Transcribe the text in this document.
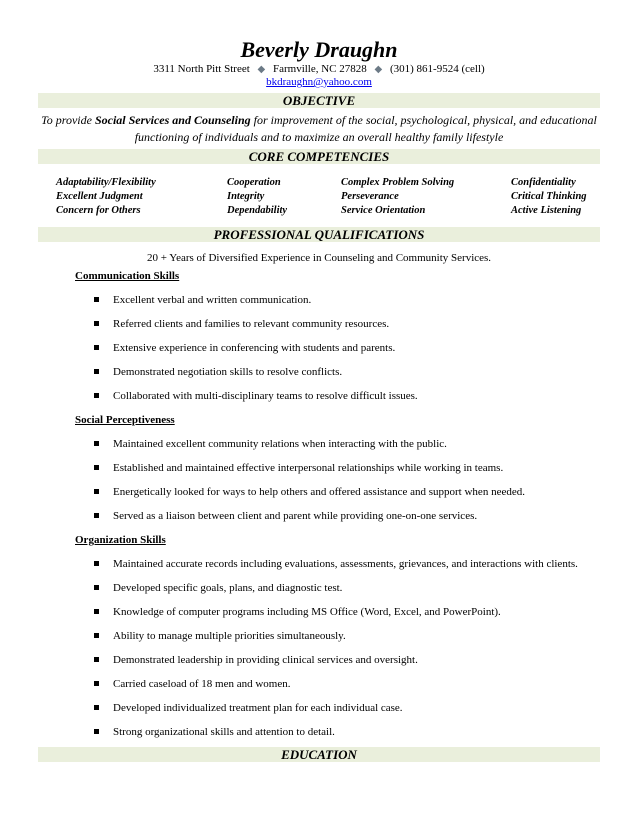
Beverly Draughn
3311 North Pitt Street ◆ Farmville, NC 27828 ◆ (301) 861-9524 (cell)
bkdraughn@yahoo.com
OBJECTIVE
To provide Social Services and Counseling for improvement of the social, psychological, physical, and educational functioning of individuals and to maximize an overall healthy family lifestyle
CORE COMPETENCIES
Adaptability/Flexibility	Cooperation	Complex Problem Solving	Confidentiality
Excellent Judgment	Integrity	Perseverance	Critical Thinking
Concern for Others	Dependability	Service Orientation	Active Listening
PROFESSIONAL QUALIFICATIONS
20 + Years of Diversified Experience in Counseling and Community Services.
Communication Skills
Excellent verbal and written communication.
Referred clients and families to relevant community resources.
Extensive experience in conferencing with students and parents.
Demonstrated negotiation skills to resolve conflicts.
Collaborated with multi-disciplinary teams to resolve difficult issues.
Social Perceptiveness
Maintained excellent community relations when interacting with the public.
Established and maintained effective interpersonal relationships while working in teams.
Energetically looked for ways to help others and offered assistance and support when needed.
Served as a liaison between client and parent while providing one-on-one services.
Organization Skills
Maintained accurate records including evaluations, assessments, grievances, and interactions with clients.
Developed specific goals, plans, and diagnostic test.
Knowledge of computer programs including MS Office (Word, Excel, and PowerPoint).
Ability to manage multiple priorities simultaneously.
Demonstrated leadership in providing clinical services and oversight.
Carried caseload of 18 men and women.
Developed individualized treatment plan for each individual case.
Strong organizational skills and attention to detail.
EDUCATION
